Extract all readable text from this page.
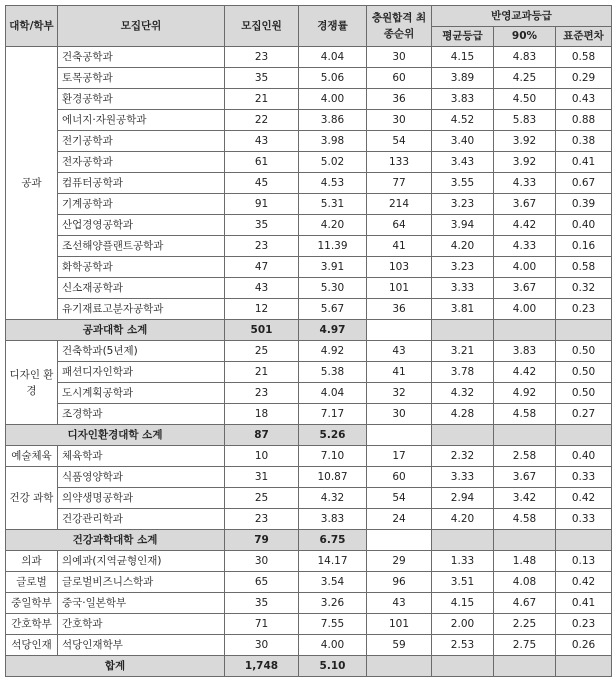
대학/학부	모집단위	모집인원	경쟁률	충원합격 최종순위	반영교과등급		
					평균등급	90%	표준편차
공과	건축공학과	23	4.04	30	4.15	4.83	0.58
	토목공학과	35	5.06	60	3.89	4.25	0.29
	환경공학과	21	4.00	36	3.83	4.50	0.43
	에너지·자원공학과	22	3.86	30	4.52	5.83	0.88
	전기공학과	43	3.98	54	3.40	3.92	0.38
	전자공학과	61	5.02	133	3.43	3.92	0.41
	컴퓨터공학과	45	4.53	77	3.55	4.33	0.67
	기계공학과	91	5.31	214	3.23	3.67	0.39
	산업경영공학과	35	4.20	64	3.94	4.42	0.40
	조선해양플랜트공학과	23	11.39	41	4.20	4.33	0.16
	화학공학과	47	3.91	103	3.23	4.00	0.58
	신소재공학과	43	5.30	101	3.33	3.67	0.32
	유기재료고분자공학과	12	5.67	36	3.81	4.00	0.23
공과대학 소계		501	4.97				
디자인 환경	건축학과(5년제)	25	4.92	43	3.21	3.83	0.50
	패션디자인학과	21	5.38	41	3.78	4.42	0.50
	도시계획공학과	23	4.04	32	4.32	4.92	0.50
	조경학과	18	7.17	30	4.28	4.58	0.27
디자인환경대학 소계		87	5.26				
예술체육	체육학과	10	7.10	17	2.32	2.58	0.40
건강 과학	식품영양학과	31	10.87	60	3.33	3.67	0.33
	의약생명공학과	25	4.32	54	2.94	3.42	0.42
	건강관리학과	23	3.83	24	4.20	4.58	0.33
건강과학대학 소계		79	6.75				
의과	의예과(지역균형인재)	30	14.17	29	1.33	1.48	0.13
글로벌	글로벌비즈니스학과	65	3.54	96	3.51	4.08	0.42
중일학부	중국·일본학부	35	3.26	43	4.15	4.67	0.41
간호학부	간호학과	71	7.55	101	2.00	2.25	0.23
석당인재	석당인재학부	30	4.00	59	2.53	2.75	0.26
합계		1,748	5.10				
